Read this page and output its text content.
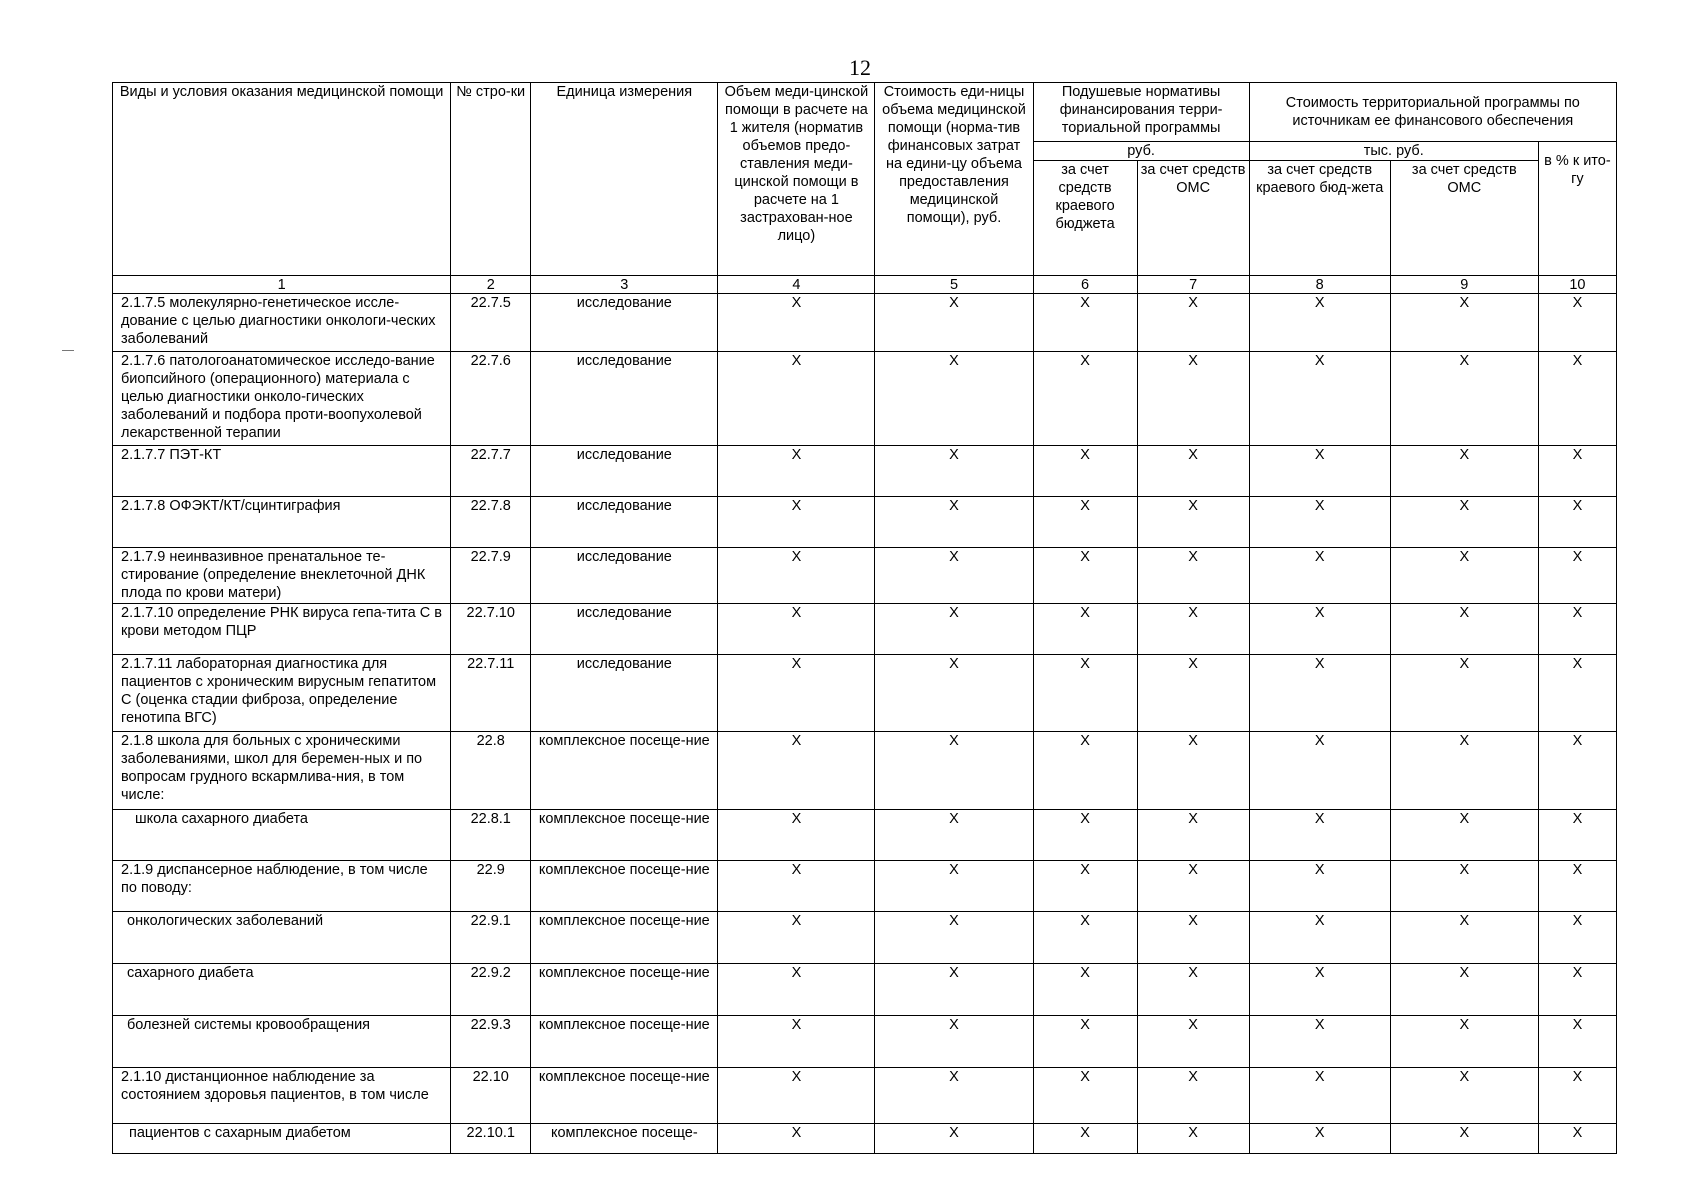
12
Виды и условия оказания медицинской помощи	№ стро-ки	Единица измерения	Объем меди-цинской помощи в расчете на 1 жителя (норматив объемов предо-ставления меди-цинской помощи в расчете на 1 застрахован-ное лицо)	Стоимость еди-ницы объема медицинской помощи (норма-тив финансовых затрат на едини-цу объема предоставления медицинской помощи), руб.	Подушевые нормативы финансирования терри-ториальной программы		Стоимость территориальной программы по источникам ее финансового обеспечения		
					руб.		тыс. руб.		в % к ито-гу
					за счет средств краевого бюджета	за счет средств ОМС	за счет средств краевого бюд-жета	за счет средств ОМС	
1	2	3	4	5	6	7	8	9	10
2.1.7.5 молекулярно-генетическое иссле-дование с целью диагностики онкологи-ческих заболеваний	22.7.5	исследование	Х	Х	Х	Х	Х	Х	Х
2.1.7.6 патологоанатомическое исследо-вание биопсийного (операционного) материала с целью диагностики онколо-гических заболеваний и подбора проти-воопухолевой лекарственной терапии	22.7.6	исследование	Х	Х	Х	Х	Х	Х	Х
2.1.7.7 ПЭТ-КТ	22.7.7	исследование	Х	Х	Х	Х	Х	Х	Х
2.1.7.8 ОФЭКТ/КТ/сцинтиграфия	22.7.8	исследование	Х	Х	Х	Х	Х	Х	Х
2.1.7.9 неинвазивное пренатальное те-стирование (определение внеклеточной ДНК плода по крови матери)	22.7.9	исследование	Х	Х	Х	Х	Х	Х	Х
2.1.7.10 определение РНК вируса гепа-тита С в крови методом ПЦР	22.7.10	исследование	Х	Х	Х	Х	Х	Х	Х
2.1.7.11 лабораторная диагностика для пациентов с хроническим вирусным гепатитом С (оценка стадии фиброза, определение генотипа ВГС)	22.7.11	исследование	Х	Х	Х	Х	Х	Х	Х
2.1.8 школа для больных с хроническими заболеваниями, школ для беремен-ных и по вопросам грудного вскармлива-ния, в том числе:	22.8	комплексное посеще-ние	Х	Х	Х	Х	Х	Х	Х
школа сахарного диабета	22.8.1	комплексное посеще-ние	Х	Х	Х	Х	Х	Х	Х
2.1.9 диспансерное наблюдение, в том числе по поводу:	22.9	комплексное посеще-ние	Х	Х	Х	Х	Х	Х	Х
онкологических заболеваний	22.9.1	комплексное посеще-ние	Х	Х	Х	Х	Х	Х	Х
сахарного диабета	22.9.2	комплексное посеще-ние	Х	Х	Х	Х	Х	Х	Х
болезней системы кровообращения	22.9.3	комплексное посеще-ние	Х	Х	Х	Х	Х	Х	Х
2.1.10 дистанционное наблюдение за состоянием здоровья пациентов, в том числе	22.10	комплексное посеще-ние	Х	Х	Х	Х	Х	Х	Х
пациентов с сахарным диабетом	22.10.1	комплексное посеще-	Х	Х	Х	Х	Х	Х	Х
